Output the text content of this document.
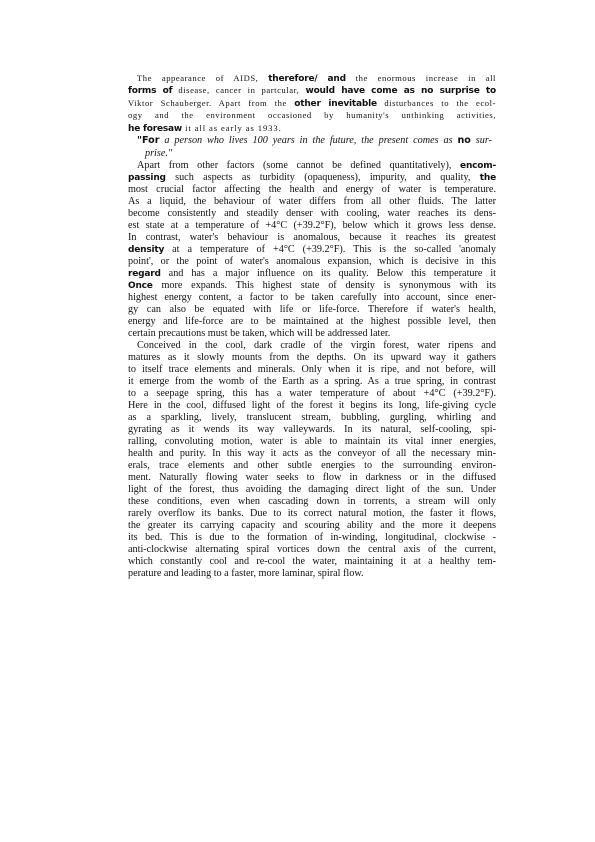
The appearance of AIDS, therefore/ and the enormous increase in all
forms of disease, cancer in partcular, would have come as no surprise to
Viktor Schauberger. Apart from the other inevitable disturbances to the ecol-
ogy and the environment occasioned by humanity's unthinking activities,
he foresaw it all as early as 1933.
"For a person who lives 100 years in the future, the present comes as no sur-
prise."
Apart from other factors (some cannot be defined quantitatively), encom-
passing such aspects as turbidity (opaqueness), impurity, and quality, the
most crucial factor affecting the health and energy of water is temperature.
As a liquid, the behaviour of water differs from all other fluids. The latter
become consistently and steadily denser with cooling, water reaches its dens-
est state at a temperature of +4°C (+39.2°F), below which it grows less dense.
In contrast, water's behaviour is anomalous, because it reaches its greatest
density at a temperature of +4°C (+39.2°F). This is the so-called 'anomaly
point', or the point of water's anomalous expansion, which is decisive in this
regard and has a major influence on its quality. Below this temperature it
Once more expands. This highest state of density is synonymous with its
highest energy content, a factor to be taken carefully into account, since ener-
gy can also be equated with life or life-force. Therefore if water's health,
energy and life-force are to be maintained at the highest possible level, then
certain precautions must be taken, which will be addressed later.
Conceived in the cool, dark cradle of the virgin forest, water ripens and
matures as it slowly mounts from the depths. On its upward way it gathers
to itself trace elements and minerals. Only when it is ripe, and not before, will
it emerge from the womb of the Earth as a spring. As a true spring, in contrast
to a seepage spring, this has a water temperature of about +4°C (+39.2°F).
Here in the cool, diffused light of the forest it begins its long, life-giving cycle
as a sparkling, lively, translucent stream, bubbling, gurgling, whirling and
gyrating as it wends its way valleywards. In its natural, self-cooling, spi-
ralling, convoluting motion, water is able to maintain its vital inner energies,
health and purity. In this way it acts as the conveyor of all the necessary min-
erals, trace elements and other subtle energies to the surrounding environ-
ment. Naturally flowing water seeks to flow in darkness or in the diffused
light of the forest, thus avoiding the damaging direct light of the sun. Under
these conditions, even when cascading down in torrents, a stream will only
rarely overflow its banks. Due to its correct natural motion, the faster it flows,
the greater its carrying capacity and scouring ability and the more it deepens
its bed. This is due to the formation of in-winding, longitudinal, clockwise -
anti-clockwise alternating spiral vortices down the central axis of the current,
which constantly cool and re-cool the water, maintaining it at a healthy tem-
perature and leading to a faster, more laminar, spiral flow.
